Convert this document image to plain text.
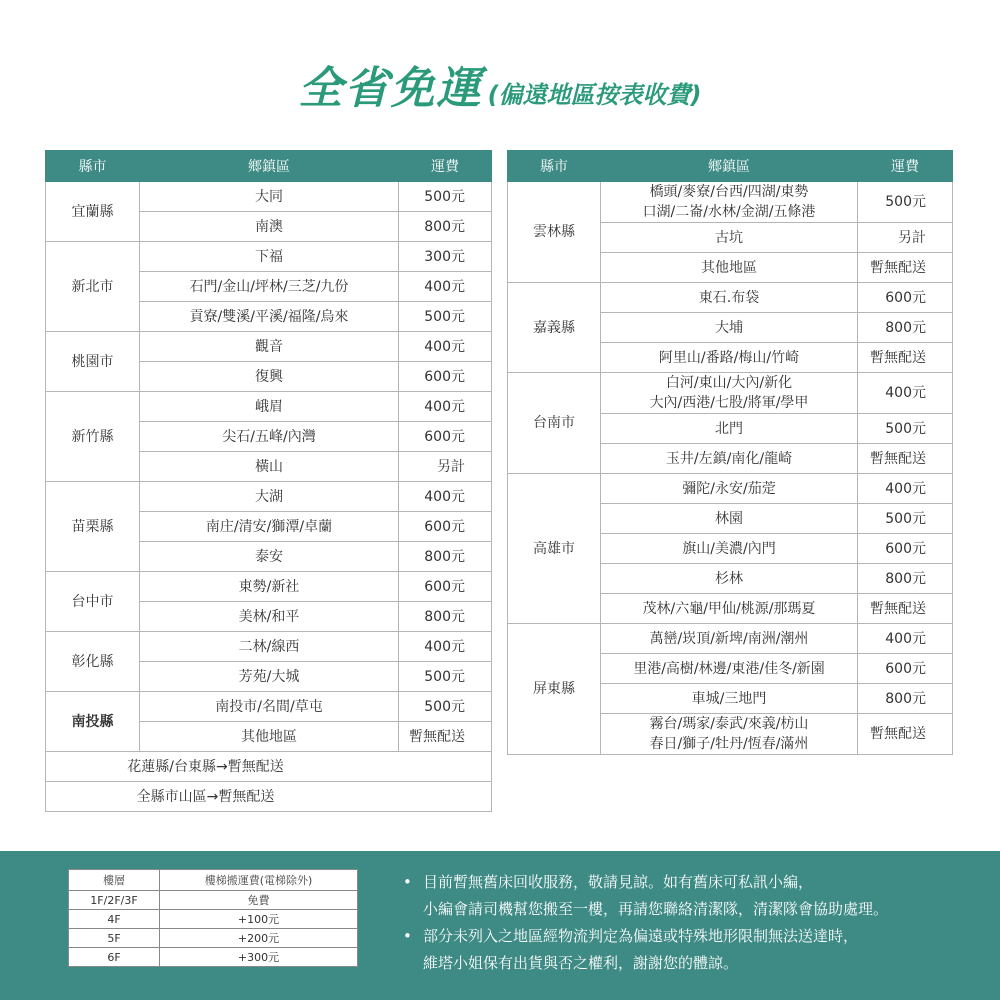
全省免運 (偏遠地區按表收費)
縣市	鄉鎮區	運費
宜蘭縣	大同	500元
	南澳	800元
新北市	下福	300元
	石門/金山/坪林/三芝/九份	400元
	貢寮/雙溪/平溪/福隆/烏來	500元
桃園市	觀音	400元
	復興	600元
新竹縣	峨眉	400元
	尖石/五峰/內灣	600元
	橫山	另計
苗栗縣	大湖	400元
	南庄/清安/獅潭/卓蘭	600元
	泰安	800元
台中市	東勢/新社	600元
	美林/和平	800元
彰化縣	二林/線西	400元
	芳苑/大城	500元
南投縣	南投市/名間/草屯	500元
	其他地區	暫無配送
花蓮縣/台東縣→暫無配送		
全縣市山區→暫無配送		
縣市	鄉鎮區	運費
雲林縣	橋頭/麥寮/台西/四湖/東勢
口湖/二崙/水林/金湖/五條港	500元

	古坑	另計
	其他地區	暫無配送
嘉義縣	東石.布袋	600元
	大埔	800元
	阿里山/番路/梅山/竹崎	暫無配送
台南市	白河/東山/大內/新化
大內/西港/七股/將軍/學甲	400元

	北門	500元
	玉井/左鎮/南化/龍崎	暫無配送
高雄市	彌陀/永安/茄萣	400元
	林園	500元
	旗山/美濃/內門	600元
	杉林	800元
	茂林/六龜/甲仙/桃源/那瑪夏	暫無配送
屏東縣	萬巒/崁頂/新埤/南洲/潮州	400元
	里港/高樹/林邊/東港/佳冬/新園	600元
	車城/三地門	800元
	霧台/瑪家/泰武/來義/枋山
春日/獅子/牡丹/恆春/滿州	暫無配送

樓層	樓梯搬運費(電梯除外)
1F/2F/3F	免費
4F	+100元
5F	+200元
6F	+300元
• 目前暫無舊床回收服務，敬請見諒。如有舊床可私訊小編，
小編會請司機幫您搬至一樓，再請您聯絡清潔隊，清潔隊會協助處理。
• 部分未列入之地區經物流判定為偏遠或特殊地形限制無法送達時，
維塔小姐保有出貨與否之權利，謝謝您的體諒。
